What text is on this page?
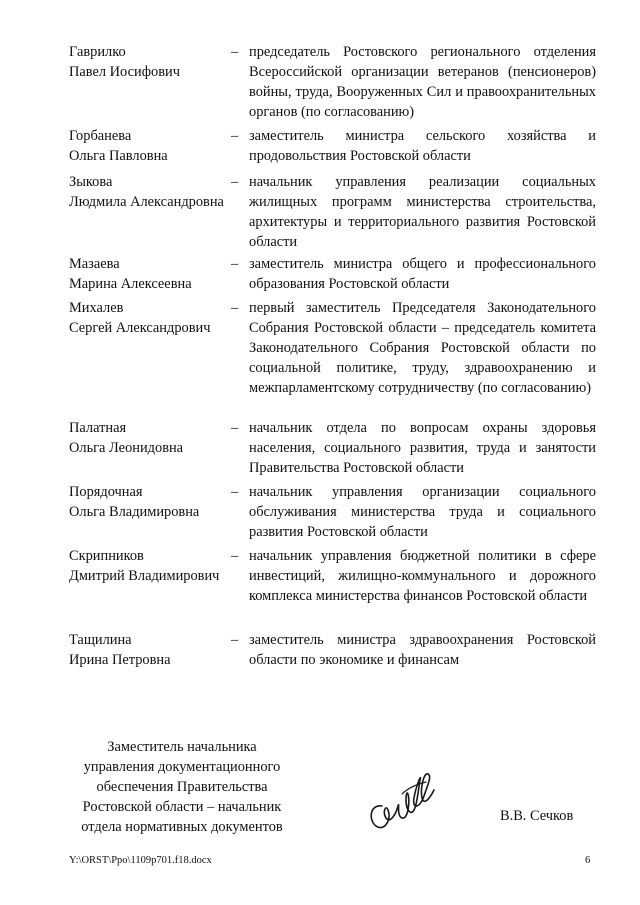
Гаврилко
Павел Иосифович
– председатель Ростовского регионального отделения Всероссийской организации ветеранов (пенсионеров) войны, труда, Вооруженных Сил и правоохранительных органов (по согласованию)
Горбанева
Ольга Павловна
– заместитель министра сельского хозяйства и продовольствия Ростовской области
Зыкова
Людмила Александровна
– начальник управления реализации социальных жилищных программ министерства строительства, архитектуры и территориального развития Ростовской области
Мазаева
Марина Алексеевна
– заместитель министра общего и профессионального образования Ростовской области
Михалев
Сергей Александрович
– первый заместитель Председателя Законодательного Собрания Ростовской области – председатель комитета Законодательного Собрания Ростовской области по социальной политике, труду, здравоохранению и межпарламентскому сотрудничеству (по согласованию)
Палатная
Ольга Леонидовна
– начальник отдела по вопросам охраны здоровья населения, социального развития, труда и занятости Правительства Ростовской области
Порядочная
Ольга Владимировна
– начальник управления организации социального обслуживания министерства труда и социального развития Ростовской области
Скрипников
Дмитрий Владимирович
– начальник управления бюджетной политики в сфере инвестиций, жилищно-коммунального и дорожного комплекса министерства финансов Ростовской области
Тащилина
Ирина Петровна
– заместитель министра здравоохранения Ростовской области по экономике и финансам
Заместитель начальника
управления документационного
обеспечения Правительства
Ростовской области – начальник
отдела нормативных документов
В.В. Сечков
Y:\ORST\Ppo\1109p701.f18.docx	6
